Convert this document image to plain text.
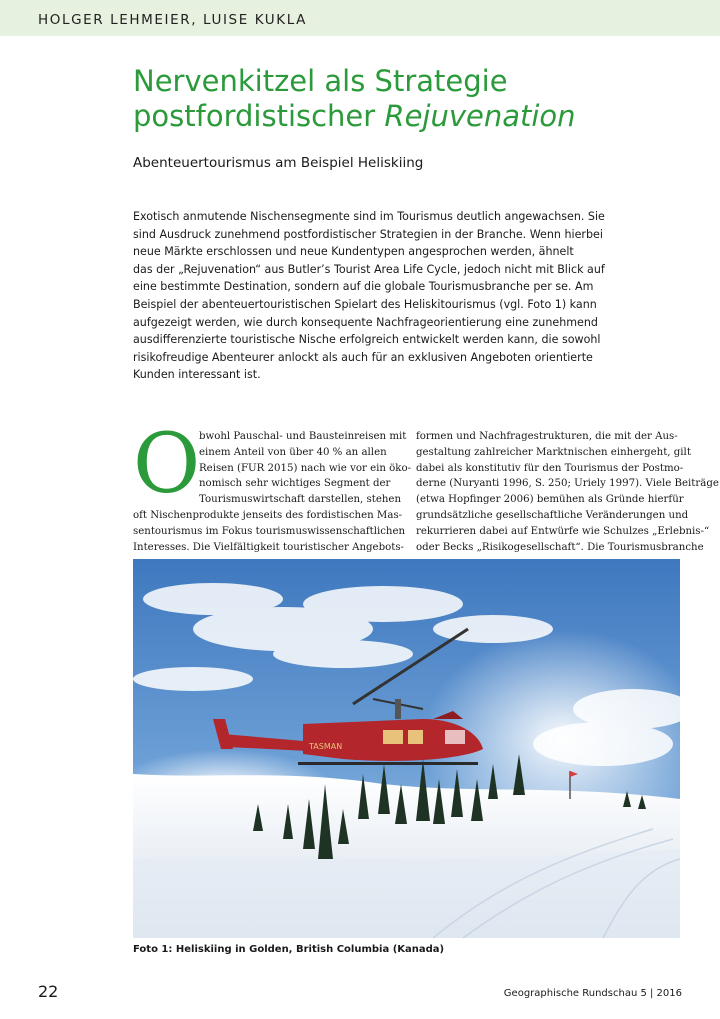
HOLGER LEHMEIER, LUISE KUKLA
Nervenkitzel als Strategie
postfordistischer Rejuvenation
Abenteuertourismus am Beispiel Heliskiing
Exotisch anmutende Nischensegmente sind im Tourismus deutlich angewachsen. Sie
sind Ausdruck zunehmend postfordistischer Strategien in der Branche. Wenn hierbei
neue Märkte erschlossen und neue Kundentypen angesprochen werden, ähnelt
das der „Rejuvenation“ aus Butler’s Tourist Area Life Cycle, jedoch nicht mit Blick auf
eine bestimmte Destination, sondern auf die globale Tourismusbranche per se. Am
Beispiel der abenteuertouristischen Spielart des Heliskitourismus (vgl. Foto 1) kann
aufgezeigt werden, wie durch konsequente Nachfrageorientierung eine zunehmend
ausdifferenzierte touristische Nische erfolgreich entwickelt werden kann, die sowohl
risikofreudige Abenteurer anlockt als auch für an exklusiven Angeboten orientierte
Kunden interessant ist.
O
bwohl Pauschal- und Bausteinreisen mit
einem Anteil von über 40 % an allen
Reisen (FUR 2015) nach wie vor ein öko-
nomisch sehr wichtiges Segment der
Tourismuswirtschaft darstellen, stehen
oft Nischenprodukte jenseits des fordistischen Mas-
sentourismus im Fokus tourismuswissenschaftlichen
Interesses. Die Vielfältigkeit touristischer Angebots-
formen und Nachfragestrukturen, die mit der Aus-
gestaltung zahlreicher Marktnischen einhergeht, gilt
dabei als konstitutiv für den Tourismus der Postmo-
derne (Nuryanti 1996, S. 250; Uriely 1997). Viele Beiträge
(etwa Hopfinger 2006) bemühen als Gründe hierfür
grundsätzliche gesellschaftliche Veränderungen und
rekurrieren dabei auf Entwürfe wie Schulzes „Erlebnis-“
oder Becks „Risikogesellschaft“. Die Tourismusbranche
TASMAN
Foto 1: Heliskiing in Golden, British Columbia (Kanada)
22	Geographische Rundschau 5 | 2016
